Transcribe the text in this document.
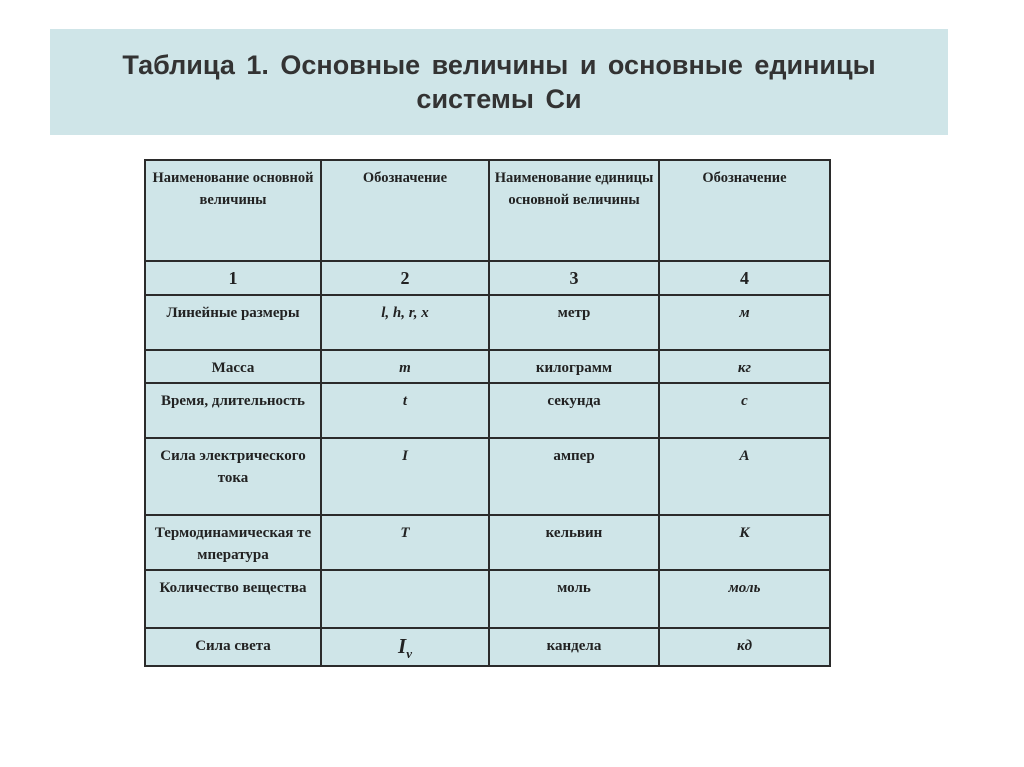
Таблица 1. Основные величины и основные единицы
системы Си
Наименование основной величины	Обозначение	Наименование единицы основной величины	Обозначение
1	2	3	4
Линейные размеры	l, h, r, x	метр	м
Масса	m	килограмм	кг
Время, длительность	t	секунда	с
Сила электрического тока	I	ампер	А
Термодинамическая температура	T	кельвин	К
Количество вещества		моль	моль
Сила света	$I_v$	кандела	кд
